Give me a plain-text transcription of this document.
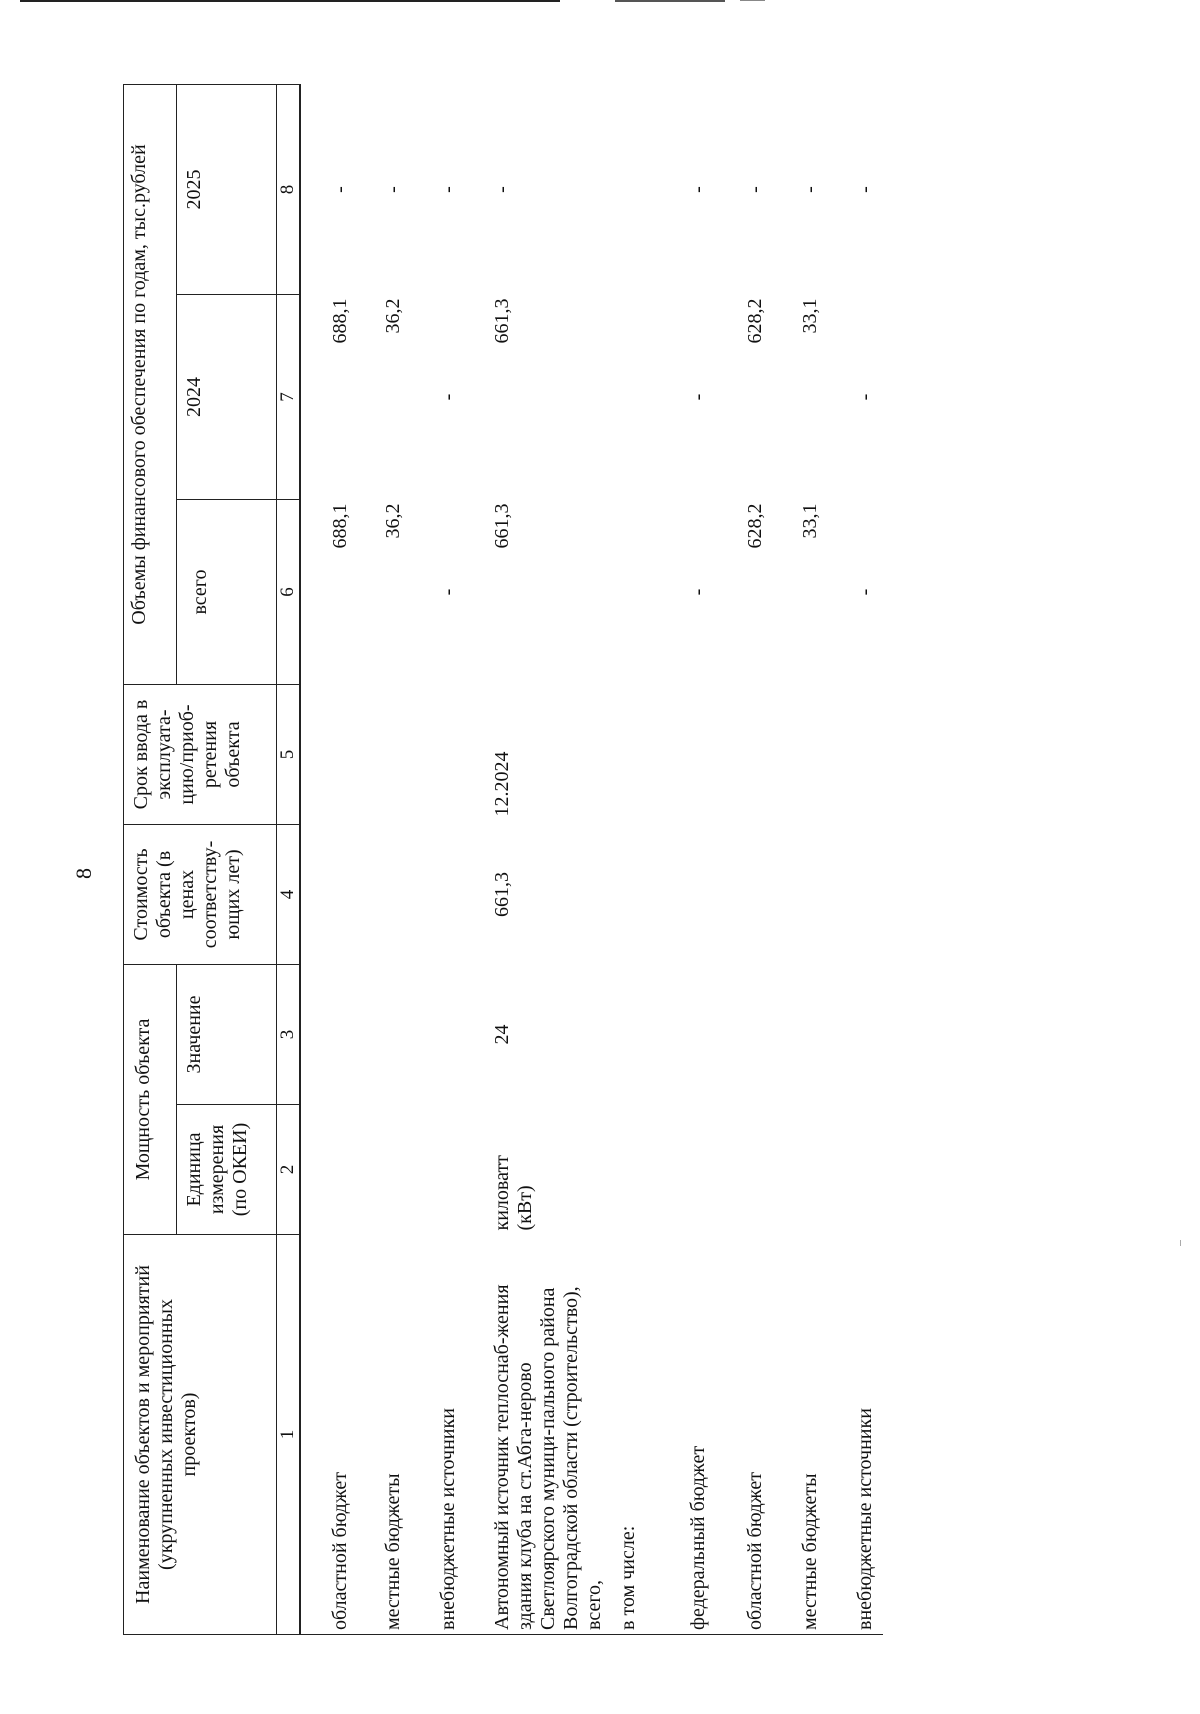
8
Наименование объектов и мероприятий (укрупненных инвестиционных проектов)	Мощность объекта		Стоимость объекта (в ценах соответству-ющих лет)	Срок ввода в эксплуата-цию/приоб-ретения объекта	Объемы финансового обеспечения по годам, тыс.рублей		
	Единица измерения (по ОКЕИ)	Значение			всего	2024	2025
1	2	3	4	5	6	7	8
областной бюджет					688,1	688,1	-
местные бюджеты					36,2	36,2	-
внебюджетные источники					-	-	-
Автономный источник теплоснаб-жения здания клуба на ст.Абга-нерово Светлоярского муници-пального района Волгоградской области (строительство), всего,	киловатт (кВт)	24	661,3	12.2024	661,3	661,3	-
в том числе:							
федеральный бюджет					-	-	-
областной бюджет					628,2	628,2	-
местные бюджеты					33,1	33,1	-
внебюджетные источники					-	-	-
